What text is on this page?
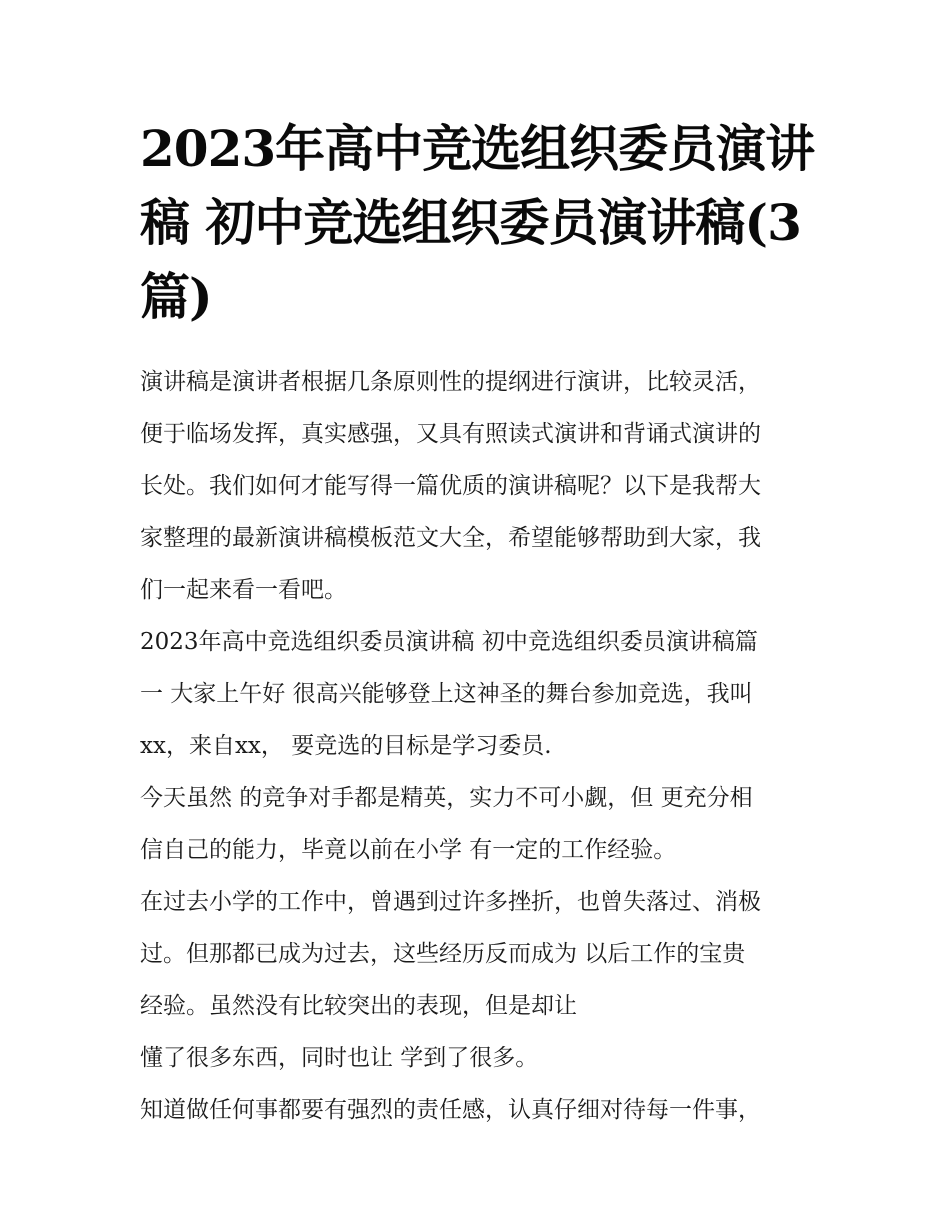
2023年高中竞选组织委员演讲
稿 初中竞选组织委员演讲稿(3
篇)
演讲稿是演讲者根据几条原则性的提纲进行演讲，比较灵活，
便于临场发挥，真实感强，又具有照读式演讲和背诵式演讲的
长处。我们如何才能写得一篇优质的演讲稿呢？以下是我帮大
家整理的最新演讲稿模板范文大全，希望能够帮助到大家，我
们一起来看一看吧。
2023年高中竞选组织委员演讲稿 初中竞选组织委员演讲稿篇
一 大家上午好 很高兴能够登上这神圣的舞台参加竞选，我叫
xx，来自xx， 要竞选的目标是学习委员.
今天虽然 的竞争对手都是精英，实力不可小觑，但 更充分相
信自己的能力，毕竟以前在小学 有一定的工作经验。
在过去小学的工作中，曾遇到过许多挫折，也曾失落过、消极
过。但那都已成为过去，这些经历反而成为 以后工作的宝贵
经验。虽然没有比较突出的表现，但是却让
懂了很多东西，同时也让 学到了很多。
知道做任何事都要有强烈的责任感，认真仔细对待每一件事，
